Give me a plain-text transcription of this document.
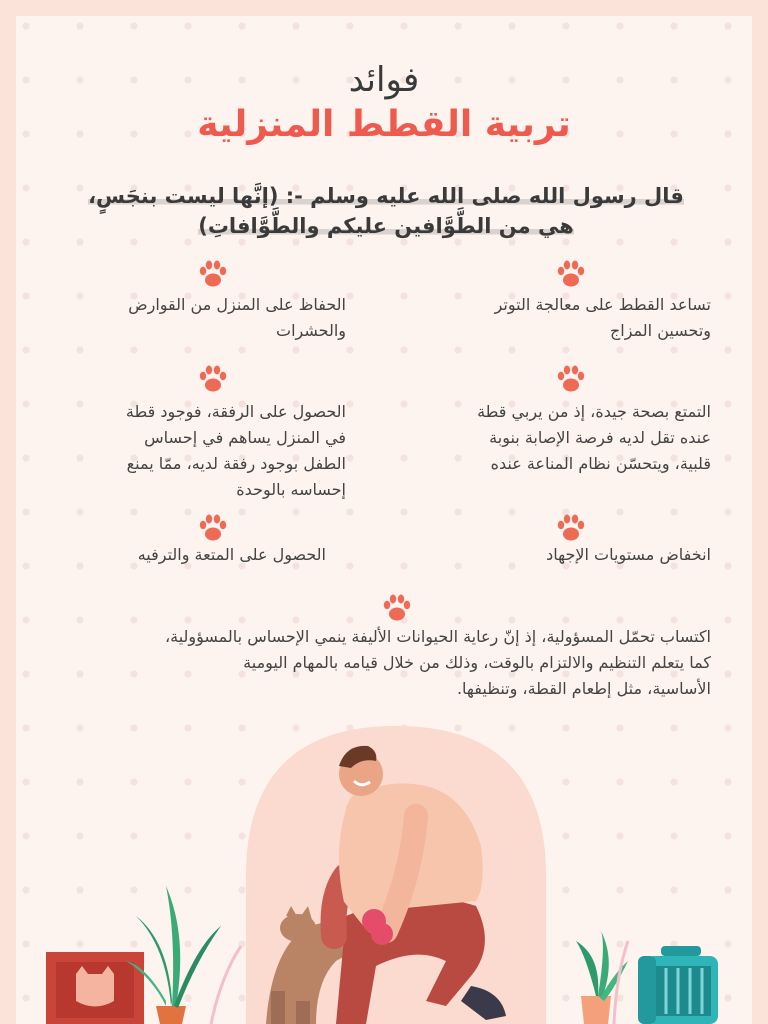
فوائد
تربية القطط المنزلية
قال رسول الله صلى الله عليه وسلم -: (إنَّها ليست بنجَسٍ،
هي من الطَّوَّافين عليكم والطَّوَّافاتِ)
تساعد القطط على معالجة التوتر
وتحسين المزاج
التمتع بصحة جيدة، إذ من يربي قطة
عنده تقل لديه فرصة الإصابة بنوبة
قلبية، ويتحسّن نظام المناعة عنده
انخفاض مستويات الإجهاد
الحفاظ على المنزل من القوارض
والحشرات
الحصول على الرفقة، فوجود قطة
في المنزل يساهم في إحساس
الطفل بوجود رفقة لديه، ممّا يمنع
إحساسه بالوحدة
الحصول على المتعة والترفيه
اكتساب تحمّل المسؤولية، إذ إنّ رعاية الحيوانات الأليفة ينمي الإحساس بالمسؤولية،
كما يتعلم التنظيم والالتزام بالوقت، وذلك من خلال قيامه بالمهام اليومية
الأساسية، مثل إطعام القطة، وتنظيفها.
